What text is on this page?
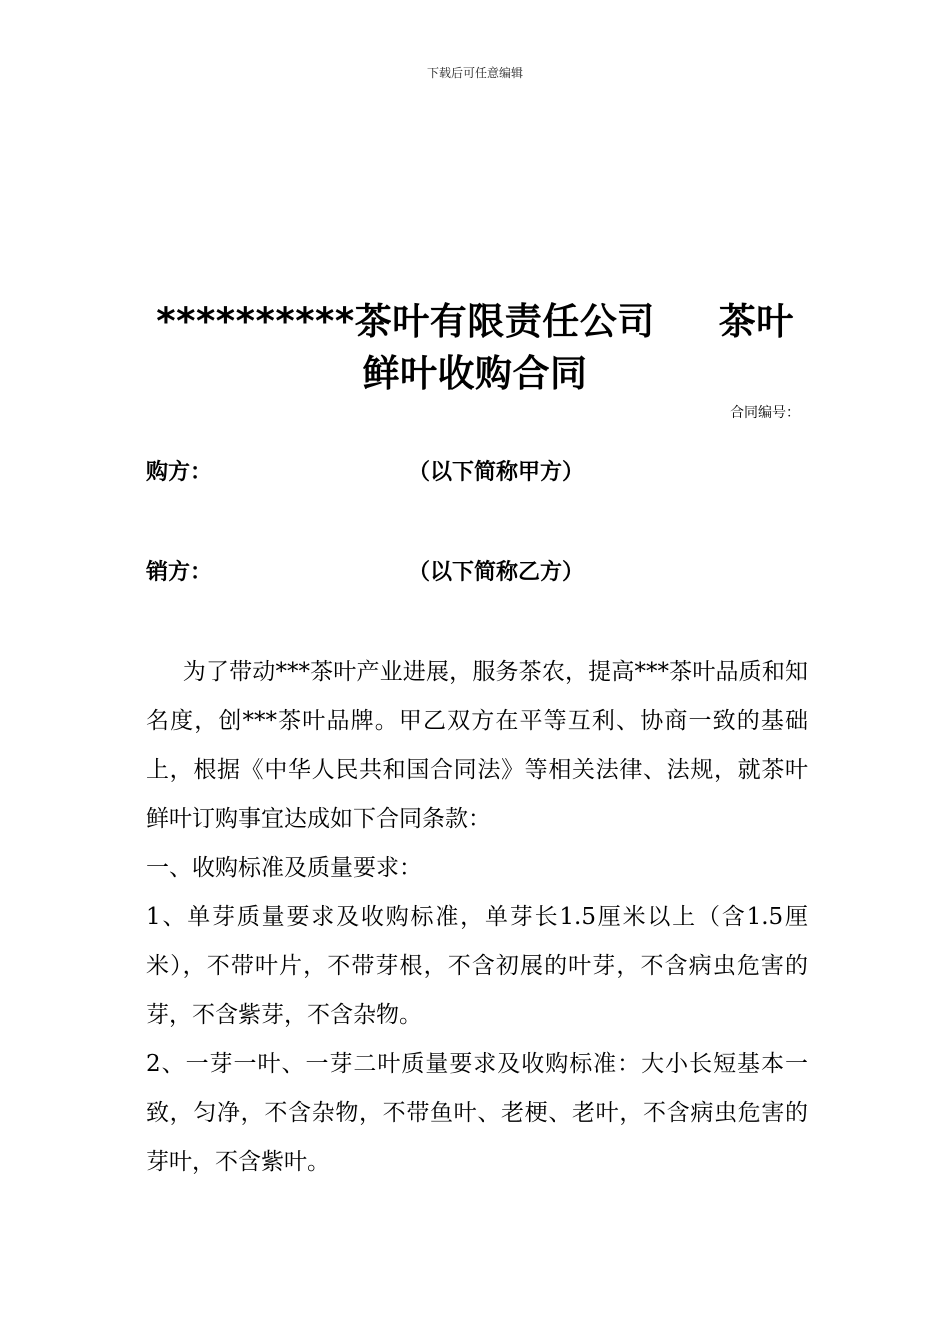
下载后可任意编辑
**********茶叶有限责任公司 茶叶
鲜叶收购合同
合同编号：
购方：	（以下简称甲方）
销方：	（以下简称乙方）

为了带动***茶叶产业进展，服务茶农，提高***茶叶品质和知名度，创***茶叶品牌。甲乙双方在平等互利、协商一致的基础上，根据《中华人民共和国合同法》等相关法律、法规，就茶叶鲜叶订购事宜达成如下合同条款：

一、收购标准及质量要求：

1、单芽质量要求及收购标准，单芽长1.5厘米以上（含1.5厘米），不带叶片，不带芽根，不含初展的叶芽，不含病虫危害的芽，不含紫芽，不含杂物。

2、一芽一叶、一芽二叶质量要求及收购标准：大小长短基本一致，匀净，不含杂物，不带鱼叶、老梗、老叶，不含病虫危害的芽叶，不含紫叶。
